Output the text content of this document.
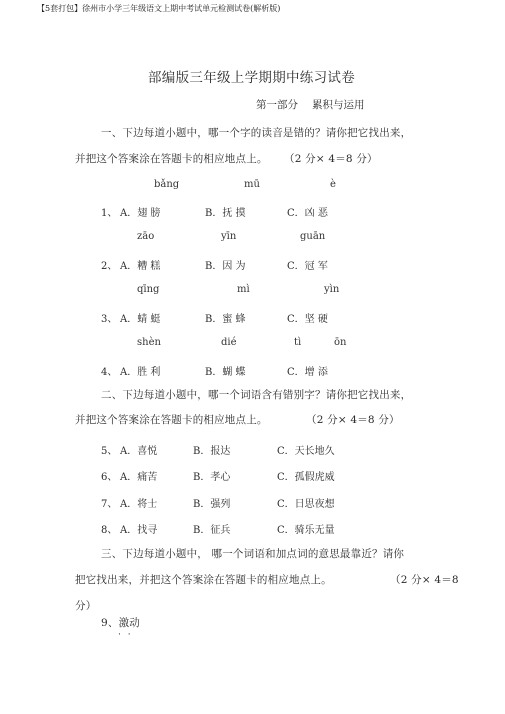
【5套打包】徐州市小学三年级语文上期中考试单元检测试卷(解析版)
部编版三年级上学期期中练习试卷
第一部分 累积与运用
一、下边每道小题中，哪一个字的读音是错的？请你把它找出来，
并把这个答案涂在答题卡的相应地点上。 （2 分× 4＝8 分）
bǎng	mū	è
1、 A．翅 膀	B．抚 摸	C．凶 恶
zāo	yīn	guān
2、 A．糟 糕	B．因 为	C．冠 军
qīng	mì	yìn
3、 A．蜻 蜓	B．蜜 蜂	C．坚 硬
shèn	dié	tì	ōn
4、 A．胜 利	B．蝴 蝶	C．增 添
二、下边每道小题中，哪一个词语含有错别字？请你把它找出来，
并把这个答案涂在答题卡的相应地点上。	（2 分× 4＝8 分）
5、 A．喜悦	B．报达	C．天长地久
6、 A．痛苦	B．孝心	C．孤假虎威
7、 A．将士	B．强列	C．日思夜想
8、 A．找寻	B．征兵	C．骑乐无量
三、下边每道小题中， 哪一个词语和加点词的意思最靠近？请你
把它找出来，并把这个答案涂在答题卡的相应地点上。	（2 分× 4＝8
分）
9、激动
· ·
